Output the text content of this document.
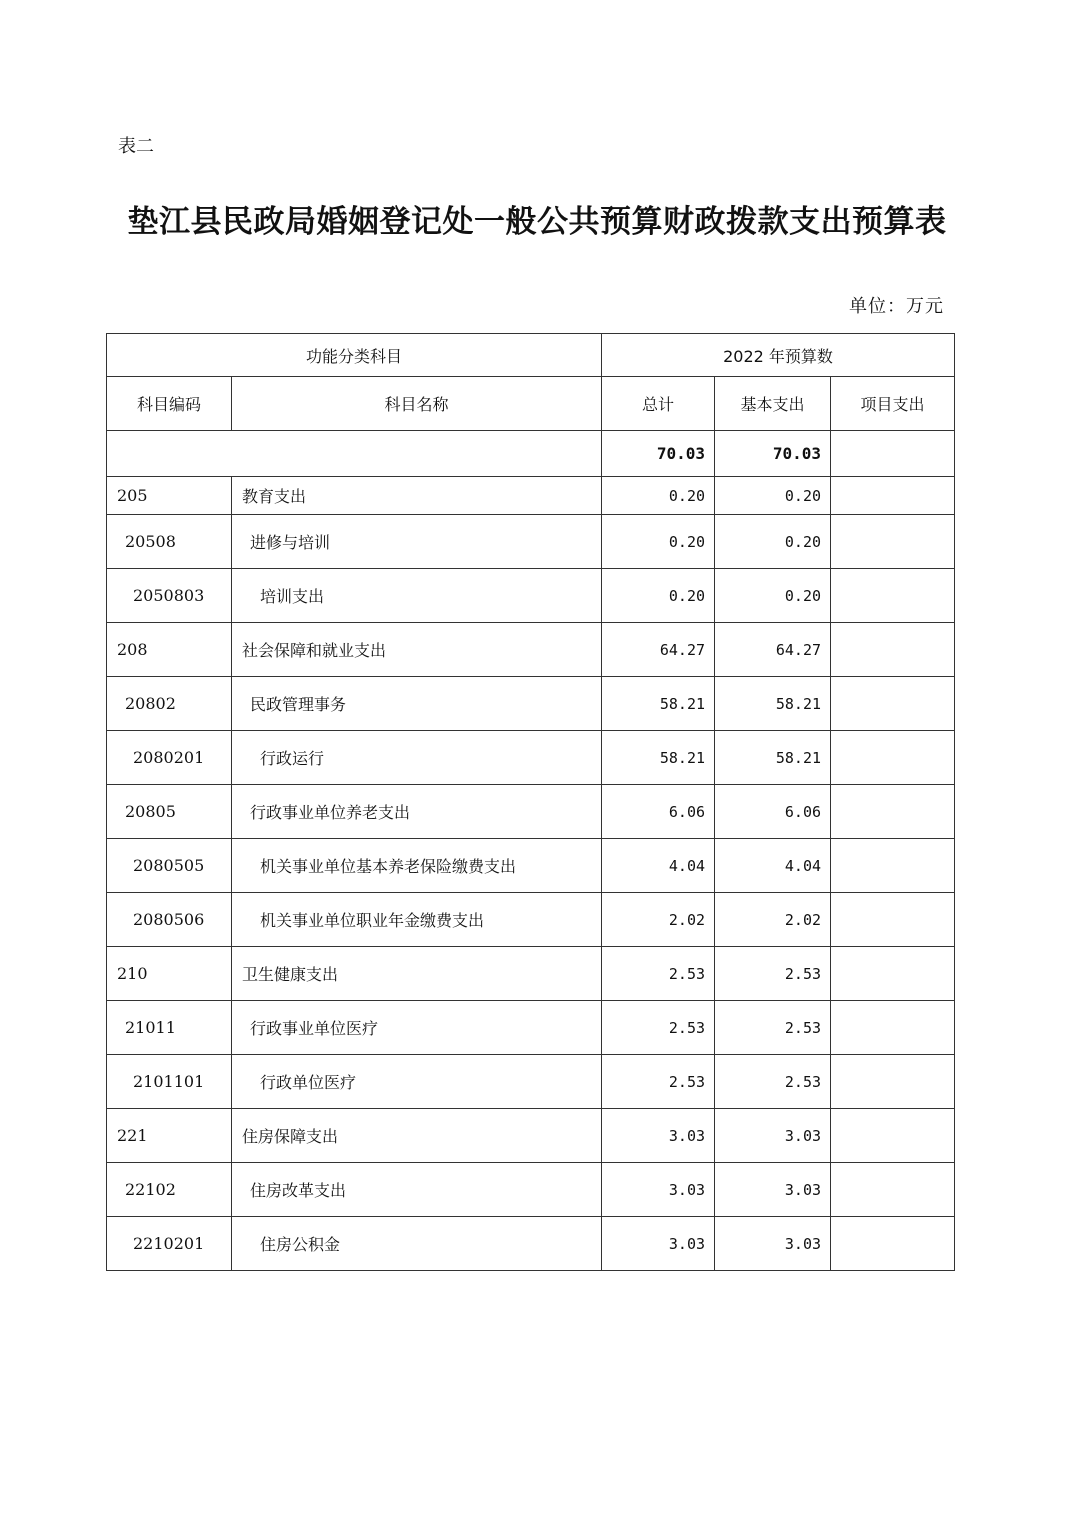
表二
垫江县民政局婚姻登记处一般公共预算财政拨款支出预算表
单位：万元
功能分类科目		2022 年预算数		
科目编码	科目名称	总计	基本支出	项目支出
		70.03	70.03	
205	教育支出	0.20	0.20	
20508	进修与培训	0.20	0.20	
2050803	培训支出	0.20	0.20	
208	社会保障和就业支出	64.27	64.27	
20802	民政管理事务	58.21	58.21	
2080201	行政运行	58.21	58.21	
20805	行政事业单位养老支出	6.06	6.06	
2080505	机关事业单位基本养老保险缴费支出	4.04	4.04	
2080506	机关事业单位职业年金缴费支出	2.02	2.02	
210	卫生健康支出	2.53	2.53	
21011	行政事业单位医疗	2.53	2.53	
2101101	行政单位医疗	2.53	2.53	
221	住房保障支出	3.03	3.03	
22102	住房改革支出	3.03	3.03	
2210201	住房公积金	3.03	3.03	
